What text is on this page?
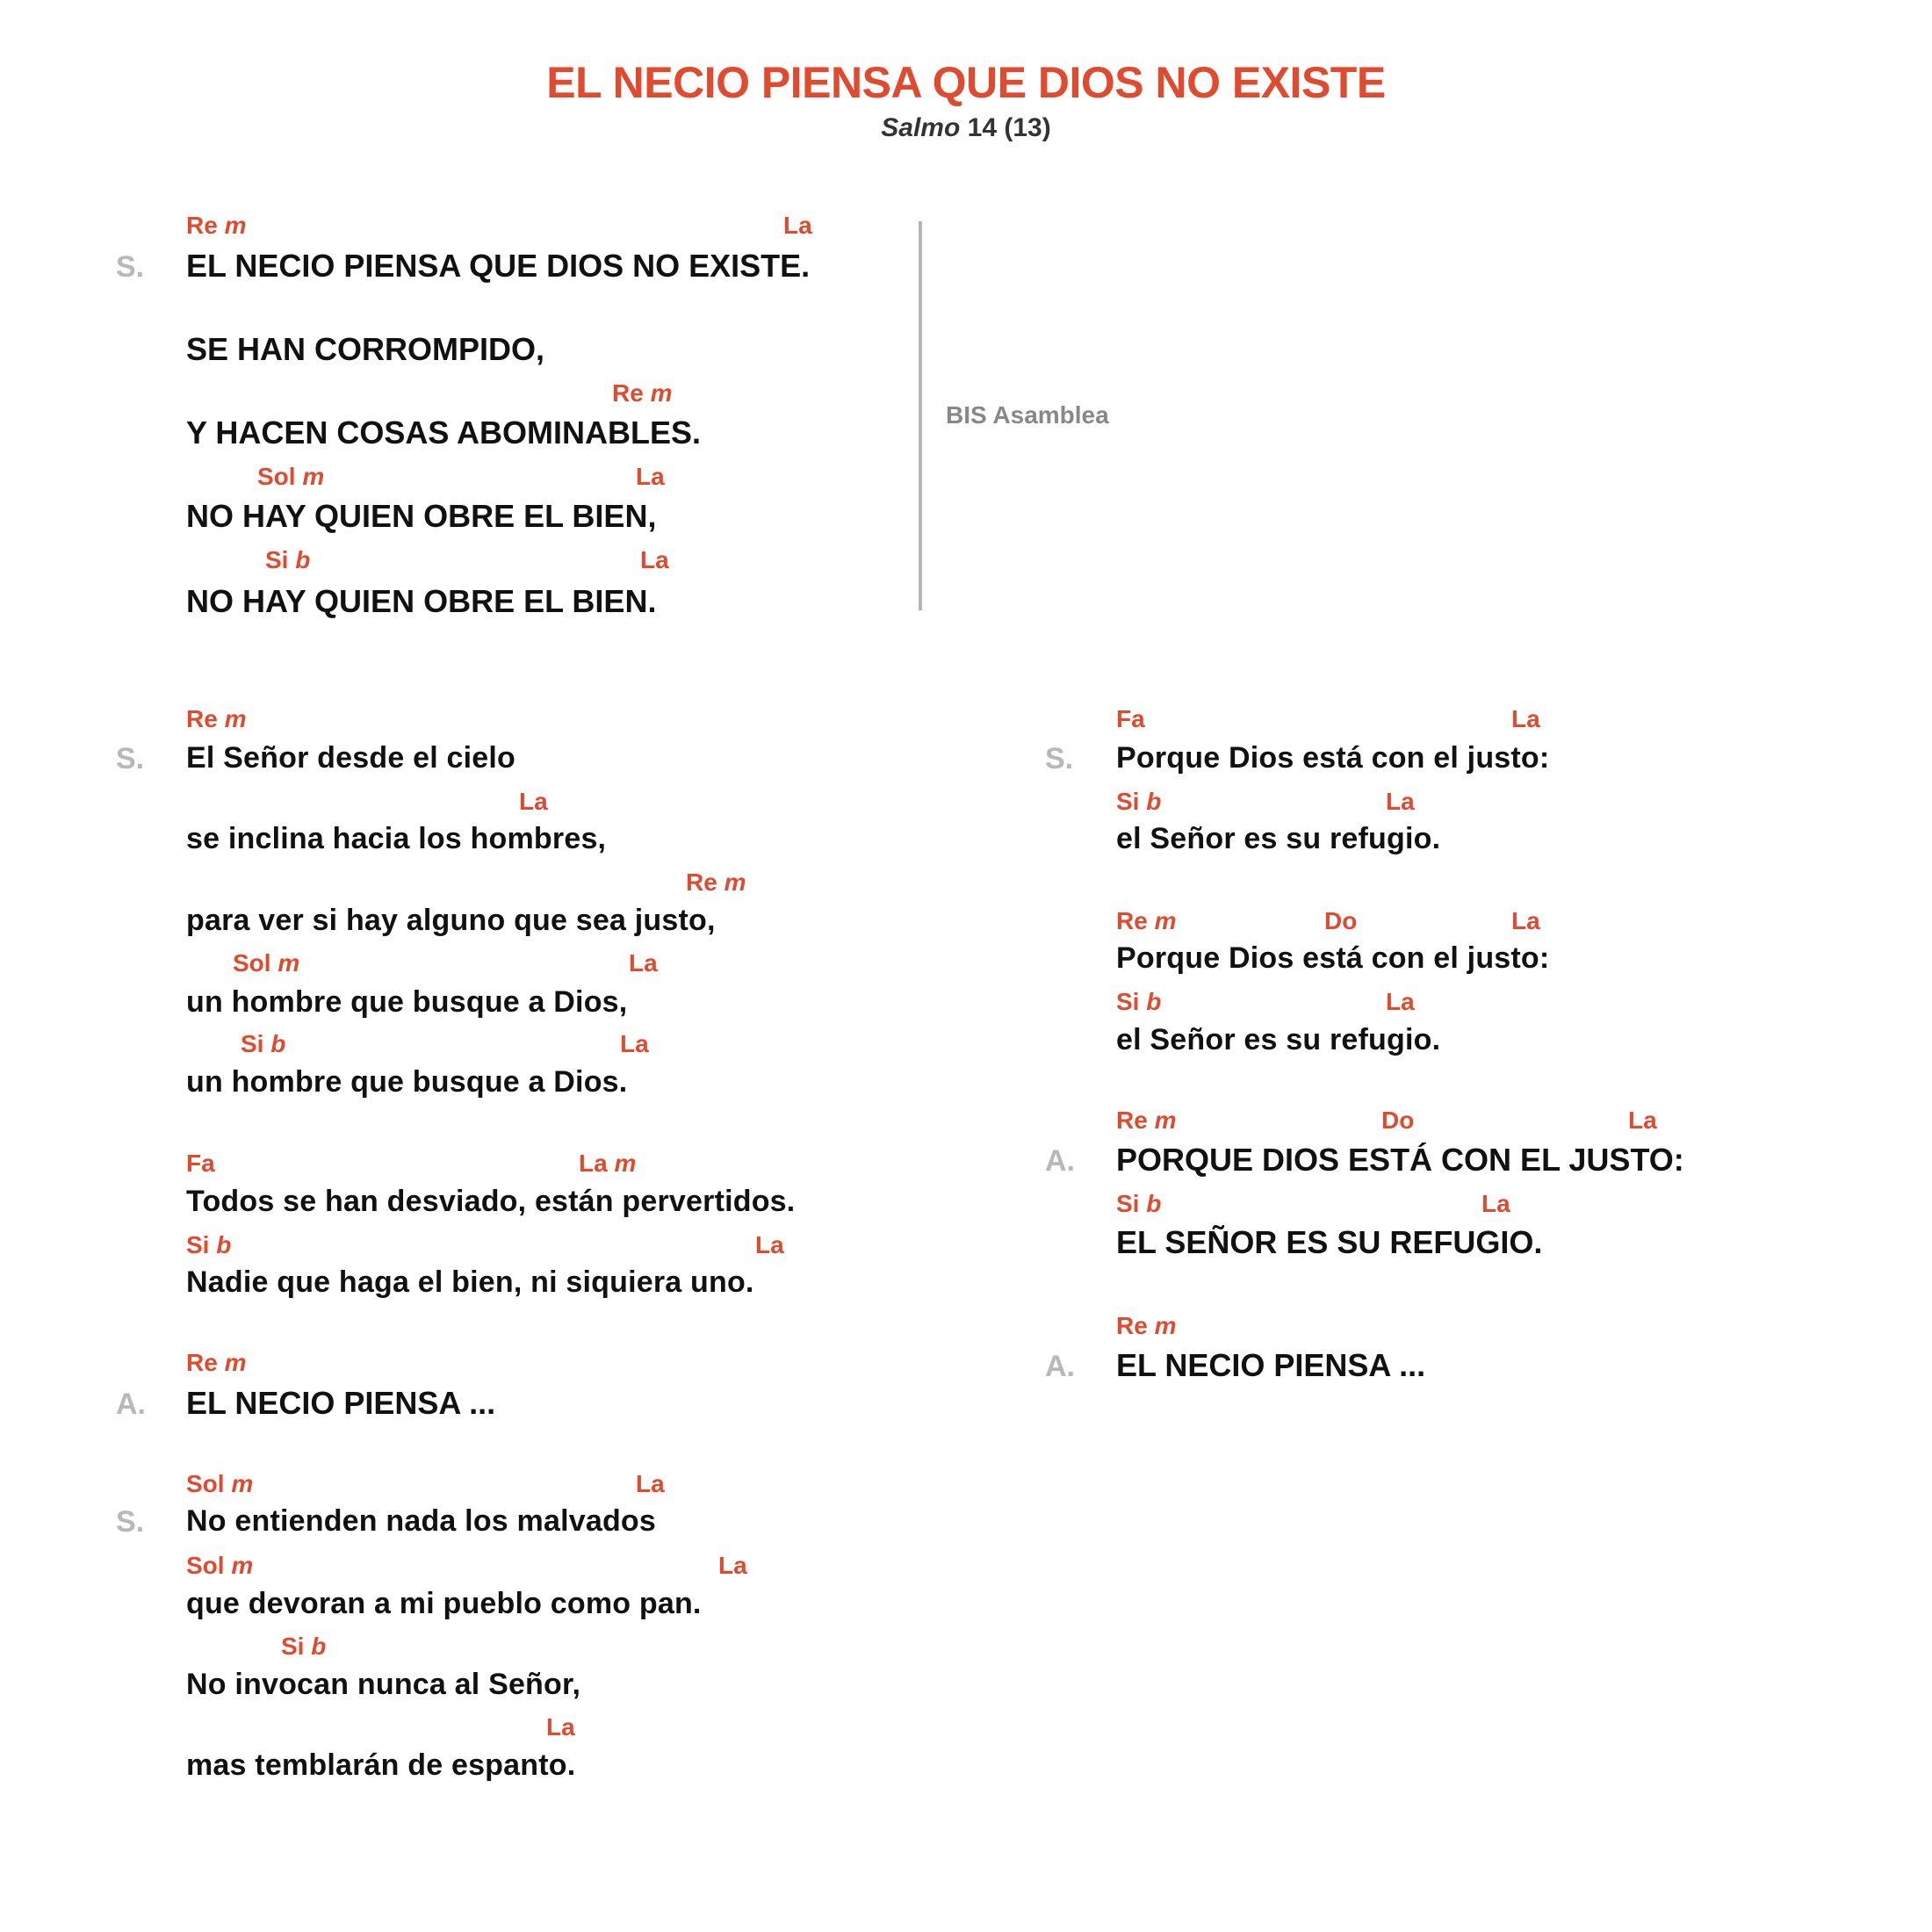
EL NECIO PIENSA QUE DIOS NO EXISTE
Salmo 14 (13)
Re m	La
S. EL NECIO PIENSA QUE DIOS NO EXISTE.
SE HAN CORROMPIDO,
Re m
Y HACEN COSAS ABOMINABLES.
Sol m	La
NO HAY QUIEN OBRE EL BIEN,
Si b	La
NO HAY QUIEN OBRE EL BIEN.
BIS Asamblea
Re m
S. El Señor desde el cielo
La
se inclina hacia los hombres,
Re m
para ver si hay alguno que sea justo,
Sol m	La
un hombre que busque a Dios,
Si b	La
un hombre que busque a Dios.
Fa	La m
Todos se han desviado, están pervertidos.
Si b	La
Nadie que haga el bien, ni siquiera uno.
Re m
A. EL NECIO PIENSA ...
Sol m	La
S. No entienden nada los malvados
Sol m	La
que devoran a mi pueblo como pan.
Si b
No invocan nunca al Señor,
La
mas temblarán de espanto.
Fa	La
S. Porque Dios está con el justo:
Si b	La
el Señor es su refugio.
Re m	Do	La
Porque Dios está con el justo:
Si b	La
el Señor es su refugio.
Re m	Do	La
A. PORQUE DIOS ESTÁ CON EL JUSTO:
Si b	La
EL SEÑOR ES SU REFUGIO.
Re m
A. EL NECIO PIENSA ...
